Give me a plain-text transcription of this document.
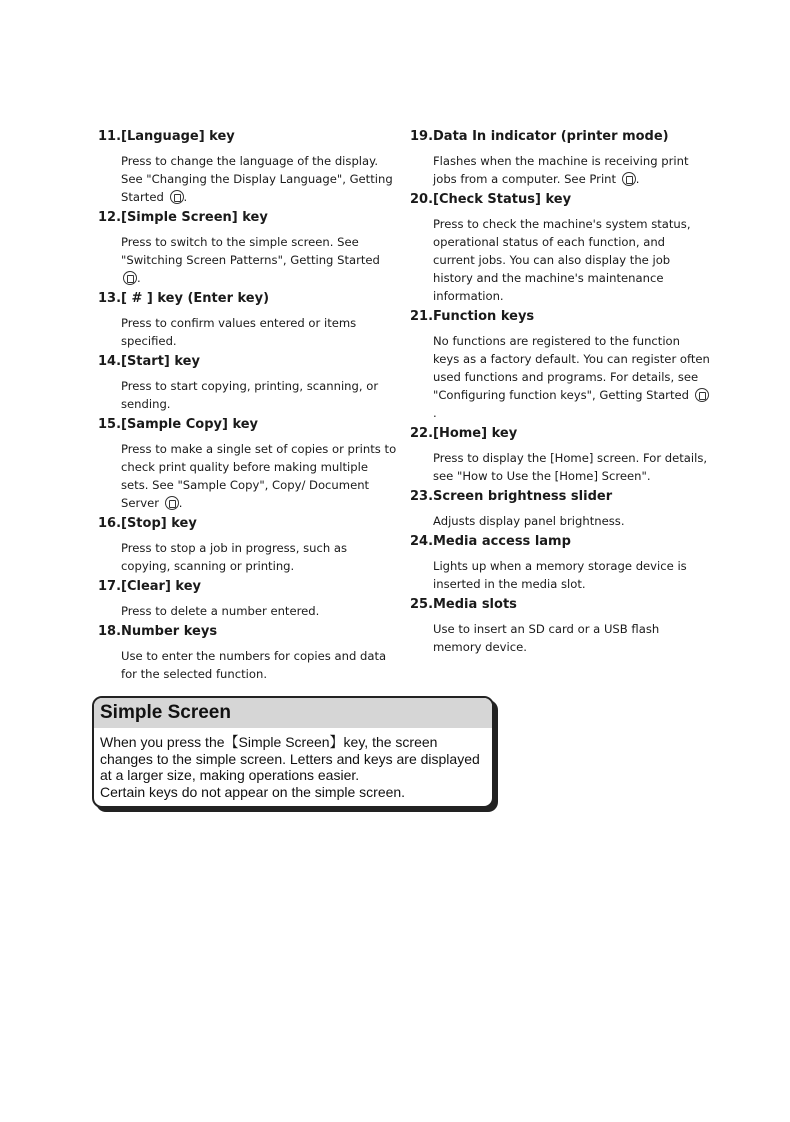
11. [Language] key
Press to change the language of the display. See "Changing the Display Language", Getting Started .
12. [Simple Screen] key
Press to switch to the simple screen. See "Switching Screen Patterns", Getting Started .
13. [ # ] key (Enter key)
Press to confirm values entered or items specified.
14. [Start] key
Press to start copying, printing, scanning, or sending.
15. [Sample Copy] key
Press to make a single set of copies or prints to check print quality before making multiple sets. See "Sample Copy", Copy/ Document Server .
16. [Stop] key
Press to stop a job in progress, such as copying, scanning or printing.
17. [Clear] key
Press to delete a number entered.
18. Number keys
Use to enter the numbers for copies and data for the selected function.
19. Data In indicator (printer mode)
Flashes when the machine is receiving print jobs from a computer. See Print .
20. [Check Status] key
Press to check the machine's system status, operational status of each function, and current jobs. You can also display the job history and the machine's maintenance information.
21. Function keys
No functions are registered to the function keys as a factory default. You can register often used functions and programs. For details, see "Configuring function keys", Getting Started .
22. [Home] key
Press to display the [Home] screen. For details, see "How to Use the [Home] Screen".
23. Screen brightness slider
Adjusts display panel brightness.
24. Media access lamp
Lights up when a memory storage device is inserted in the media slot.
25. Media slots
Use to insert an SD card or a USB flash memory device.
Simple Screen

When you press the【Simple Screen】key, the screen changes to the simple screen. Letters and keys are displayed at a larger size, making operations easier.

Certain keys do not appear on the simple screen.
